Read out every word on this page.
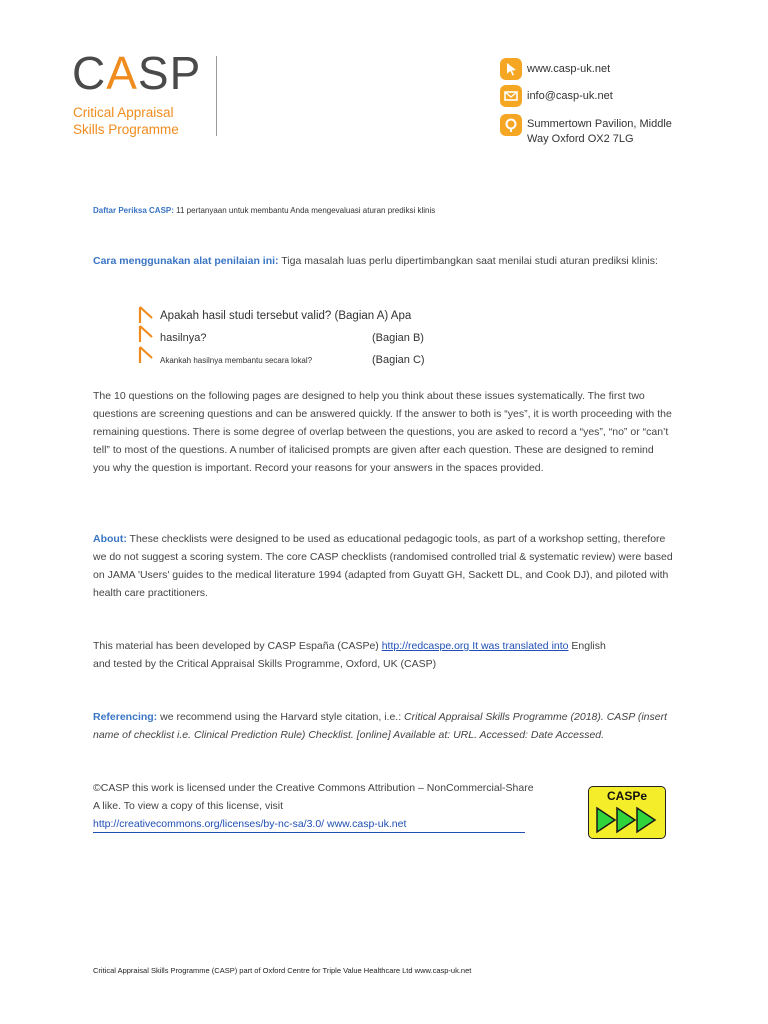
CASP
Critical Appraisal
Skills Programme
www.casp-uk.net
info@casp-uk.net
Summertown Pavilion, Middle
Way Oxford OX2 7LG
Daftar Periksa CASP: 11 pertanyaan untuk membantu Anda mengevaluasi aturan prediksi klinis
Cara menggunakan alat penilaian ini: Tiga masalah luas perlu dipertimbangkan saat menilai studi aturan prediksi klinis:
Apakah hasil studi tersebut valid? (Bagian A) Apa
hasilnya?	(Bagian B)
Akankah hasilnya membantu secara lokal?	(Bagian C)
The 10 questions on the following pages are designed to help you think about these issues systematically. The first two questions are screening questions and can be answered quickly. If the answer to both is “yes”, it is worth proceeding with the remaining questions. There is some degree of overlap between the questions, you are asked to record a “yes”, “no” or “can’t tell” to most of the questions. A number of italicised prompts are given after each question. These are designed to remind you why the question is important. Record your reasons for your answers in the spaces provided.
About: These checklists were designed to be used as educational pedagogic tools, as part of a workshop setting, therefore we do not suggest a scoring system. The core CASP checklists (randomised controlled trial & systematic review) were based on JAMA 'Users' guides to the medical literature 1994 (adapted from Guyatt GH, Sackett DL, and Cook DJ), and piloted with health care practitioners.
This material has been developed by CASP España (CASPe) http://redcaspe.org It was translated into English
and tested by the Critical Appraisal Skills Programme, Oxford, UK (CASP)
Referencing: we recommend using the Harvard style citation, i.e.: Critical Appraisal Skills Programme (2018). CASP (insert name of checklist i.e. Clinical Prediction Rule) Checklist. [online] Available at: URL. Accessed: Date Accessed.
©CASP this work is licensed under the Creative Commons Attribution – NonCommercial-Share
A like. To view a copy of this license, visit
http://creativecommons.org/licenses/by-nc-sa/3.0/ www.casp-uk.net
CASPe
Critical Appraisal Skills Programme (CASP) part of Oxford Centre for Triple Value Healthcare Ltd www.casp-uk.net
